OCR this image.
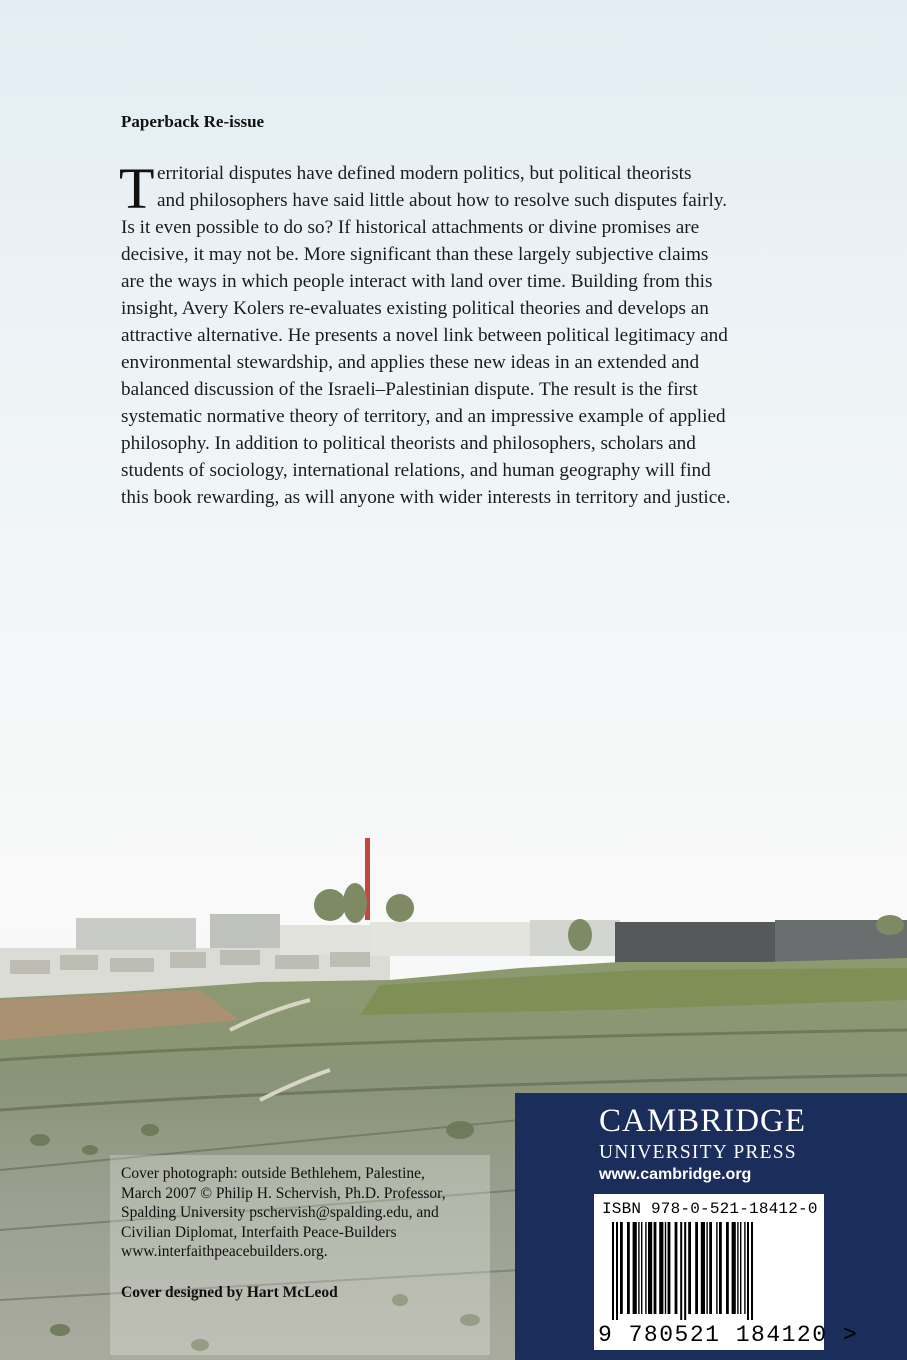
Paperback Re-issue
T erritorial disputes have defined modern politics, but political theorists
and philosophers have said little about how to resolve such disputes fairly.
Is it even possible to do so? If historical attachments or divine promises are
decisive, it may not be. More significant than these largely subjective claims
are the ways in which people interact with land over time. Building from this
insight, Avery Kolers re-evaluates existing political theories and develops an
attractive alternative. He presents a novel link between political legitimacy and
environmental stewardship, and applies these new ideas in an extended and
balanced discussion of the Israeli–Palestinian dispute. The result is the first
systematic normative theory of territory, and an impressive example of applied
philosophy. In addition to political theorists and philosophers, scholars and
students of sociology, international relations, and human geography will find
this book rewarding, as will anyone with wider interests in territory and justice.
Cover photograph: outside Bethlehem, Palestine,
March 2007 © Philip H. Schervish, Ph.D. Professor,
Spalding University pschervish@spalding.edu, and
Civilian Diplomat, Interfaith Peace-Builders
www.interfaithpeacebuilders.org.
Cover designed by Hart McLeod
CAMBRIDGE
UNIVERSITY PRESS
www.cambridge.org
ISBN 978-0-521-18412-0
9 780521 184120 >
